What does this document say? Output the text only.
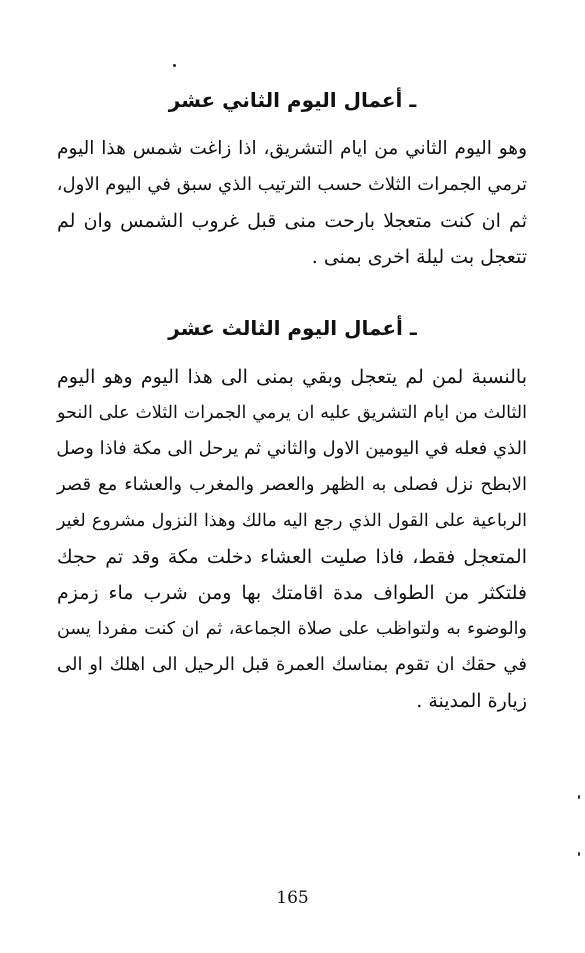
ـ أعمال اليوم الثاني عشر
وهو اليوم الثاني من ايام التشريق، اذا زاغت شمس هذا اليوم
ترمي الجمرات الثلاث حسب الترتيب الذي سبق في اليوم الاول،
ثم ان كنت متعجلا بارحت منى قبل غروب الشمس وان لم
تتعجل بت ليلة اخرى بمنى .
ـ أعمال اليوم الثالث عشر
بالنسبة لمن لم يتعجل وبقي بمنى الى هذا اليوم وهو اليوم
الثالث من ايام التشريق عليه ان يرمي الجمرات الثلاث على النحو
الذي فعله في اليومين الاول والثاني ثم يرحل الى مكة فاذا وصل
الابطح نزل فصلى به الظهر والعصر والمغرب والعشاء مع قصر
الرباعية على القول الذي رجع اليه مالك وهذا النزول مشروع لغير
المتعجل فقط، فاذا صليت العشاء دخلت مكة وقد تم حجك
فلتكثر من الطواف مدة اقامتك بها ومن شرب ماء زمزم
والوضوء به ولتواظب على صلاة الجماعة، ثم ان كنت مفردا يسن
في حقك ان تقوم بمناسك العمرة قبل الرحيل الى اهلك او الى
زيارة المدينة .
165
